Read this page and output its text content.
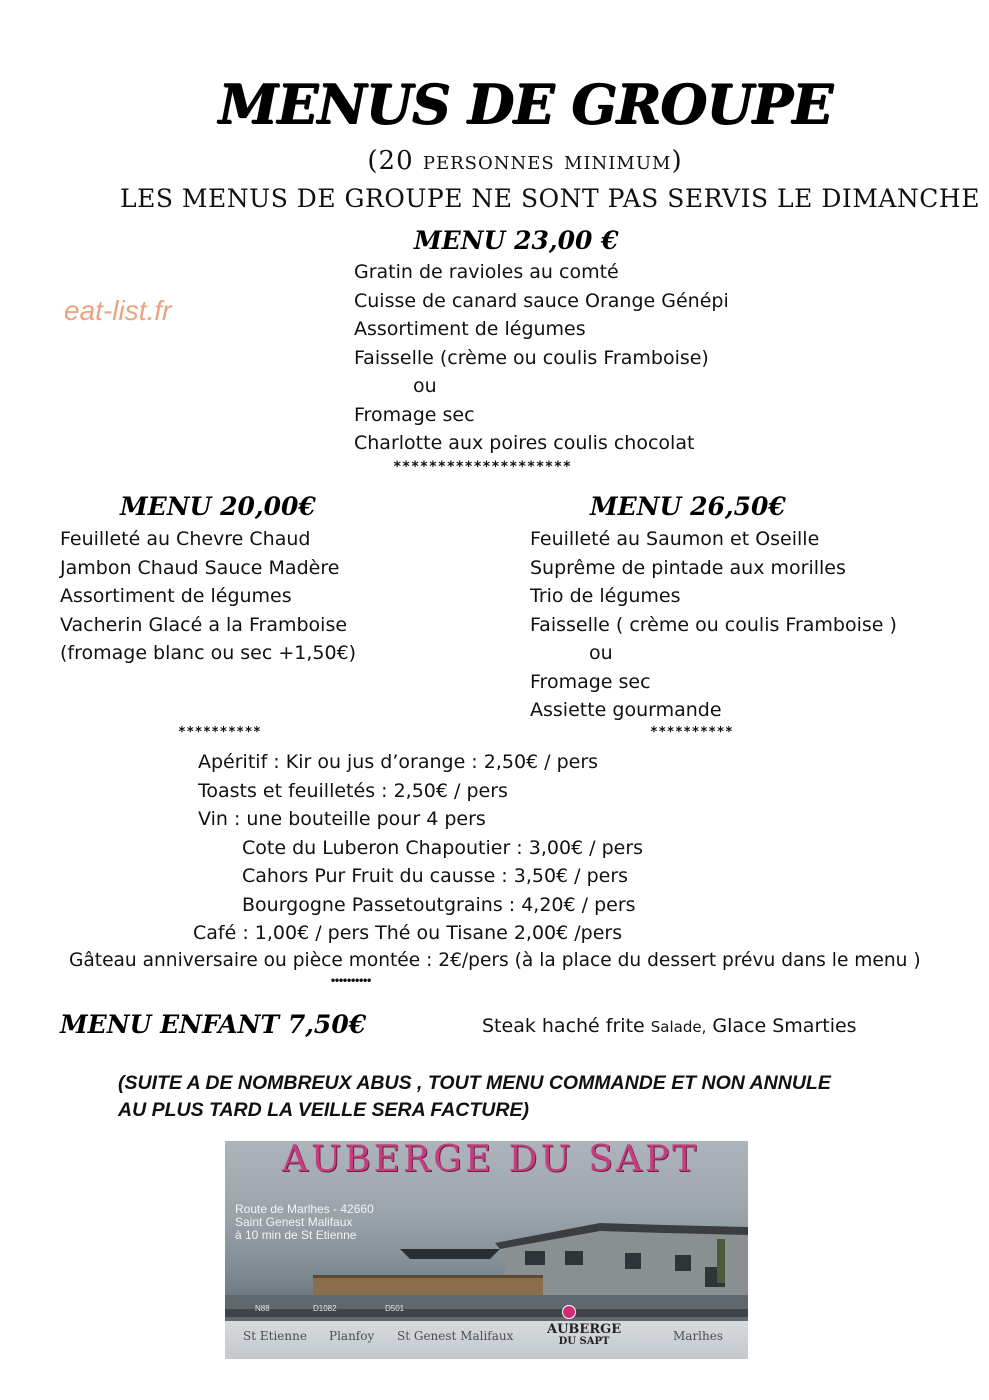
MENUS DE GROUPE
(20 personnes minimum)
LES MENUS DE GROUPE NE SONT PAS SERVIS LE DIMANCHE
eat-list.fr
MENU 23,00 €
Gratin de ravioles au comté
Cuisse de canard sauce Orange Génépi
Assortiment de légumes
Faisselle (crème ou coulis Framboise)
ou
Fromage sec
Charlotte aux poires coulis chocolat
********************
MENU 20,00€
Feuilleté au Chevre Chaud
Jambon Chaud Sauce Madère
Assortiment de légumes
Vacherin Glacé a la Framboise
(fromage blanc ou sec +1,50€)
**********
MENU 26,50€
Feuilleté au Saumon et Oseille
Suprême de pintade aux morilles
Trio de légumes
Faisselle ( crème ou coulis Framboise )
ou
Fromage sec
Assiette gourmande
**********
Apéritif : Kir ou jus d’orange : 2,50€ / pers
Toasts et feuilletés : 2,50€ / pers
Vin : une bouteille pour 4 pers
Cote du Luberon Chapoutier : 3,00€ / pers
Cahors Pur Fruit du causse : 3,50€ / pers
Bourgogne Passetoutgrains : 4,20€ / pers
Café : 1,00€ / pers Thé ou Tisane 2,00€ /pers
Gâteau anniversaire ou pièce montée : 2€/pers (à la place du dessert prévu dans le menu )
••••••••••
MENU ENFANT 7,50€	Steak haché frite Salade, Glace Smarties
(SUITE A DE NOMBREUX ABUS , TOUT MENU COMMANDE ET NON ANNULE
AU PLUS TARD LA VEILLE SERA FACTURE)
AUBERGE DU SAPT
Route de Marlhes - 42660
Saint Genest Malifaux
à 10 min de St Etienne
N88	D1082	D501
St Etienne Planfoy St Genest Malifaux	AUBERGE
DU SAPT	Marlhes
